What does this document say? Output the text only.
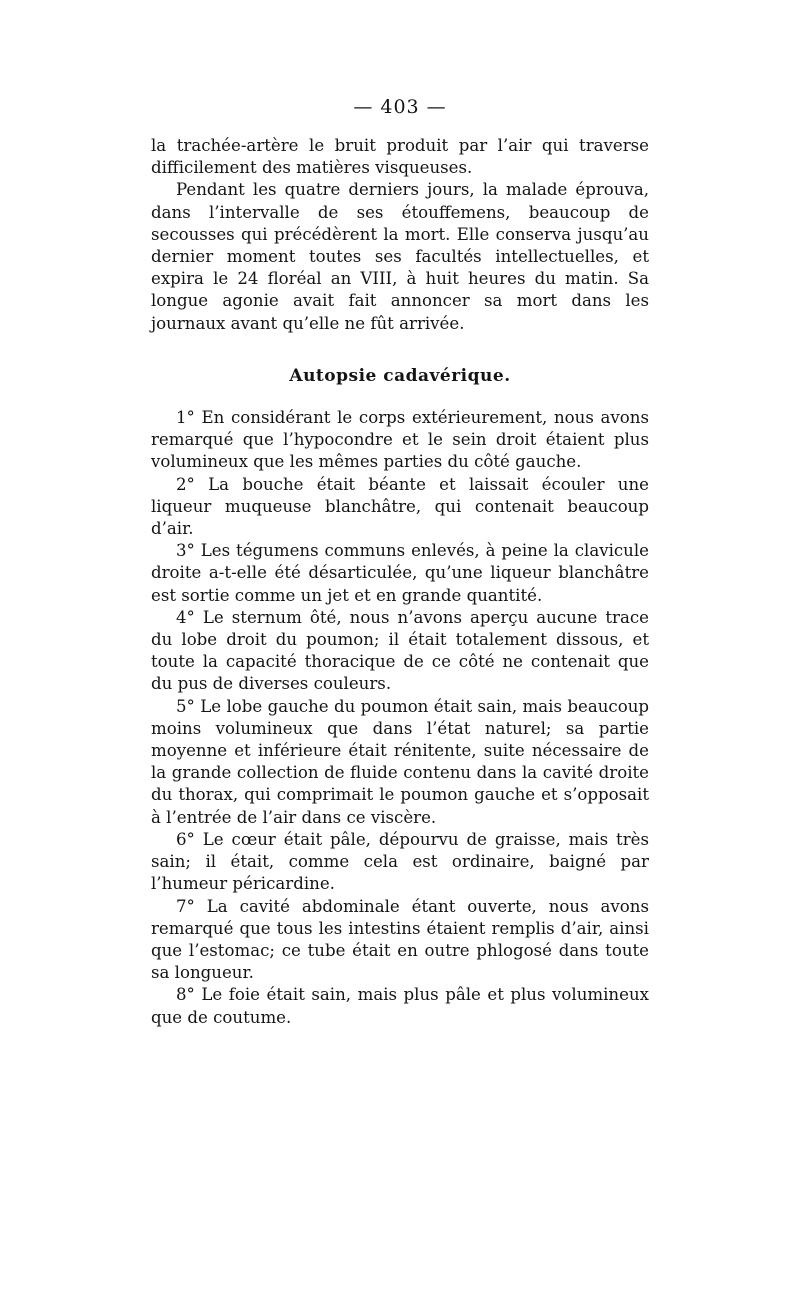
— 403 —

la trachée-artère le bruit produit par l’air qui traverse difficilement des matières visqueuses.

Pendant les quatre derniers jours, la malade éprouva, dans l’intervalle de ses étouffemens, beaucoup de secousses qui précédèrent la mort. Elle conserva jusqu’au dernier moment toutes ses facultés intellectuelles, et expira le 24 floréal an VIII, à huit heures du matin. Sa longue agonie avait fait annoncer sa mort dans les journaux avant qu’elle ne fût arrivée.

Autopsie cadavérique.

1° En considérant le corps extérieurement, nous avons remarqué que l’hypocondre et le sein droit étaient plus volumineux que les mêmes parties du côté gauche.

2° La bouche était béante et laissait écouler une liqueur muqueuse blanchâtre, qui contenait beaucoup d’air.

3° Les tégumens communs enlevés, à peine la clavicule droite a-t-elle été désarticulée, qu’une liqueur blanchâtre est sortie comme un jet et en grande quantité.

4° Le sternum ôté, nous n’avons aperçu aucune trace du lobe droit du poumon; il était totalement dissous, et toute la capacité thoracique de ce côté ne contenait que du pus de diverses couleurs.

5° Le lobe gauche du poumon était sain, mais beaucoup moins volumineux que dans l’état naturel; sa partie moyenne et inférieure était rénitente, suite nécessaire de la grande collection de fluide contenu dans la cavité droite du thorax, qui comprimait le poumon gauche et s’opposait à l’entrée de l’air dans ce viscère.

6° Le cœur était pâle, dépourvu de graisse, mais très sain; il était, comme cela est ordinaire, baigné par l’humeur péricardine.

7° La cavité abdominale étant ouverte, nous avons remarqué que tous les intestins étaient remplis d’air, ainsi que l’estomac; ce tube était en outre phlogosé dans toute sa longueur.

8° Le foie était sain, mais plus pâle et plus volumineux que de coutume.
